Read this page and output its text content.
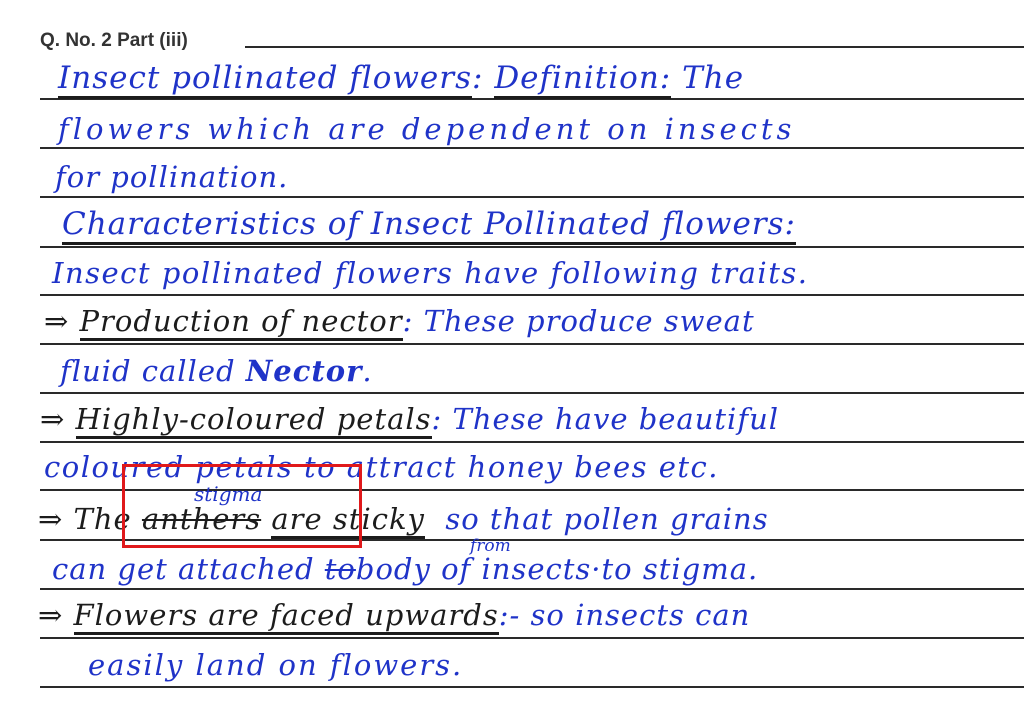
Q. No. 2 Part (iii)
Insect pollinated flowers: Definition: The
flowers which are dependent on insects
for pollination.
Characteristics of Insect Pollinated flowers:
Insect pollinated flowers have following traits.
⇒ Production of nector: These produce sweat
fluid called Nector.
⇒ Highly-coloured petals: These have beautiful
coloured petals to attract honey bees etc.
stigma
⇒ The anthers are sticky so that pollen grains
from
can get attached tobody of insects·to stigma.
⇒ Flowers are faced upwards:- so insects can
easily land on flowers.
